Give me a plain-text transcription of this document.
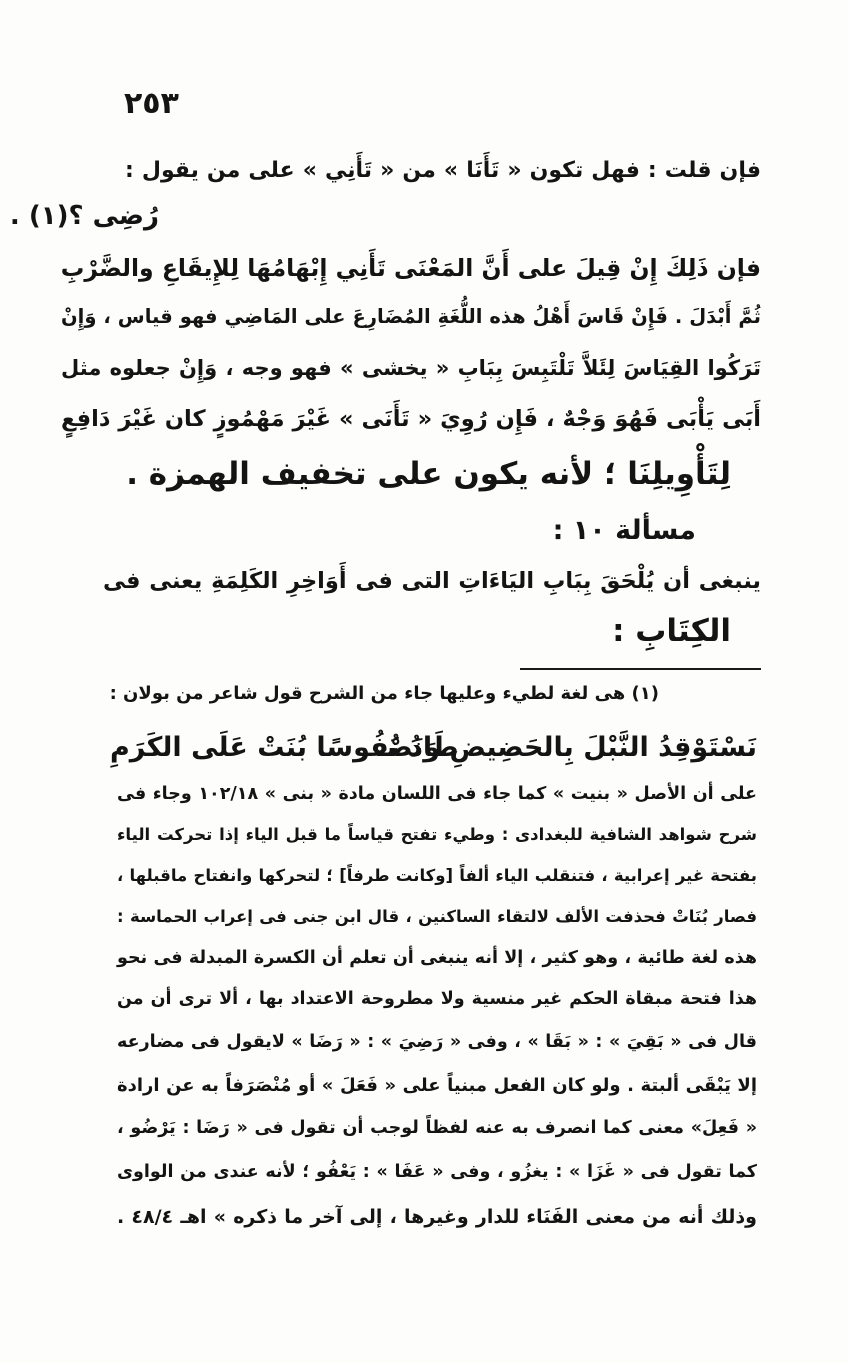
٢٥٣

فإن قلت : فهل تكون « تَأَنَا » من « تَأَنِي » على من يقول :

رُضِى ؟(١) .

فإن ذَلِكَ إِنْ قِيلَ على أَنَّ المَعْنَى تَأَنِي إِبْهَامُهَا لِلإِيقَاعِ والضَّرْبِ

ثُمَّ أَبْدَلَ . فَإِنْ قَاسَ أَهْلُ هذه اللُّغَةِ المُضَارِعَ على المَاضِي فهو قياس ، وَإِنْ

تَرَكُوا القِيَاسَ لِئَلاَّ تَلْتَبِسَ بِبَابِ « يخشى » فهو وجه ، وَإِنْ جعلوه مثل

أَبَى يَأْبَى فَهُوَ وَجْهٌ ، فَإِن رُوِيَ « تَأَنَى » غَيْرَ مَهْمُوزٍ كان غَيْرَ دَافِعٍ

لِتَأْوِيلِنَا ؛ لأنه يكون على تخفيف الهمزة .

مسألة ١٠ :

ينبغى أن يُلْحَقَ بِبَابِ اليَاءَاتِ التى فى أَوَاخِرِ الكَلِمَةِ يعنى فى

الكِتَابِ :

(١) هى لغة لطيء وعليها جاء من الشرح قول شاعر من بولان :

نَسْتَوْقِدُ النَّبْلَ بِالحَضِيضِ وَنَصْـ
طَادُ نُفُوسًا بُنَتْ عَلَى الكَرَمِ

على أن الأصل « بنيت » كما جاء فى اللسان مادة « بنى » ١٠٢/١٨ وجاء فى

شرح شواهد الشافية للبغدادى : وطيء تفتح قياساً ما قبل الياء إذا تحركت الياء

بفتحة غير إعرابية ، فتنقلب الياء ألفاً [وكانت طرفاً] ؛ لتحركها وانفتاح ماقبلها ،

فصار بُنَاتْ فحذفت الألف لالتقاء الساكنين ، قال ابن جنى فى إعراب الحماسة :

هذه لغة طائية ، وهو كثير ، إلا أنه ينبغى أن تعلم أن الكسرة المبدلة فى نحو

هذا فتحة مبقاة الحكم غير منسية ولا مطروحة الاعتداد بها ، ألا ترى أن من

قال فى « بَقِيَ » : « بَقَا » ، وفى « رَضِيَ » : « رَضَا » لايقول فى مضارعه

إلا يَبْقَى ألبتة . ولو كان الفعل مبنياً على « فَعَلَ » أو مُنْصَرَفاً به عن ارادة

« فَعِلَ» معنى كما انصرف به عنه لفظاً لوجب أن تقول فى « رَضَا : يَرْضُو ،

كما تقول فى « غَزَا » : يغزُو ، وفى « عَفَا » : يَعْفُو ؛ لأنه عندى من الواوى

وذلك أنه من معنى الفَنَاء للدار وغيرها ، إلى آخر ما ذكره » اهـ ٤٨/٤ .
